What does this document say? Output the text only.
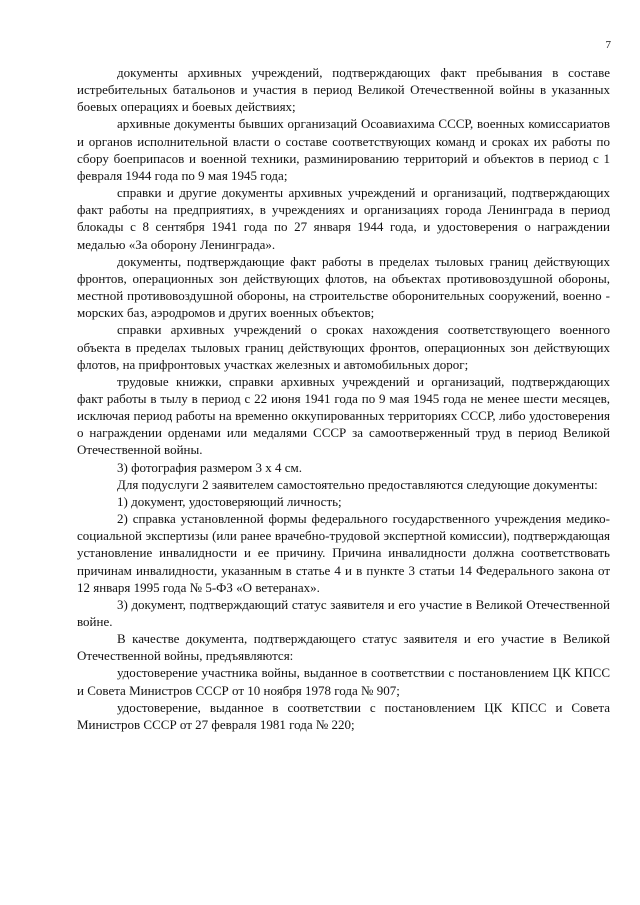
7

документы архивных учреждений, подтверждающих факт пребывания в составе истребительных батальонов и участия в период Великой Отечественной войны в указанных боевых операциях и боевых действиях;

архивные документы бывших организаций Осоавиахима СССР, военных комиссариатов и органов исполнительной власти о составе соответствующих команд и сроках их работы по сбору боеприпасов и военной техники, разминированию территорий и объектов в период с 1 февраля 1944 года по 9 мая 1945 года;

справки и другие документы архивных учреждений и организаций, подтверждающих факт работы на предприятиях, в учреждениях и организациях города Ленинграда в период блокады с 8 сентября 1941 года по 27 января 1944 года, и удостоверения о награждении медалью «За оборону Ленинграда».

документы, подтверждающие факт работы в пределах тыловых границ действующих фронтов, операционных зон действующих флотов, на объектах противовоздушной обороны, местной противовоздушной обороны, на строительстве оборонительных сооружений, военно - морских баз, аэродромов и других военных объектов;

справки архивных учреждений о сроках нахождения соответствующего военного объекта в пределах тыловых границ действующих фронтов, операционных зон действующих флотов, на прифронтовых участках железных и автомобильных дорог;

трудовые книжки, справки архивных учреждений и организаций, подтверждающих факт работы в тылу в период с 22 июня 1941 года по 9 мая 1945 года не менее шести месяцев, исключая период работы на временно оккупированных территориях СССР, либо удостоверения о награждении орденами или медалями СССР за самоотверженный труд в период Великой Отечественной войны.

3) фотография размером 3 х 4 см.

Для подуслуги 2 заявителем самостоятельно предоставляются следующие документы:

1) документ, удостоверяющий личность;

2) справка установленной формы федерального государственного учреждения медико-социальной экспертизы (или ранее врачебно-трудовой экспертной комиссии), подтверждающая установление инвалидности и ее причину. Причина инвалидности должна соответствовать причинам инвалидности, указанным в статье 4 и в пункте 3 статьи 14 Федерального закона от 12 января 1995 года № 5-ФЗ «О ветеранах».

3) документ, подтверждающий статус заявителя и его участие в Великой Отечественной войне.

В качестве документа, подтверждающего статус заявителя и его участие в Великой Отечественной войны, предъявляются:

удостоверение участника войны, выданное в соответствии с постановлением ЦК КПСС и Совета Министров СССР от 10 ноября 1978 года № 907;

удостоверение, выданное в соответствии с постановлением ЦК КПСС и Совета Министров СССР от 27 февраля 1981 года № 220;
